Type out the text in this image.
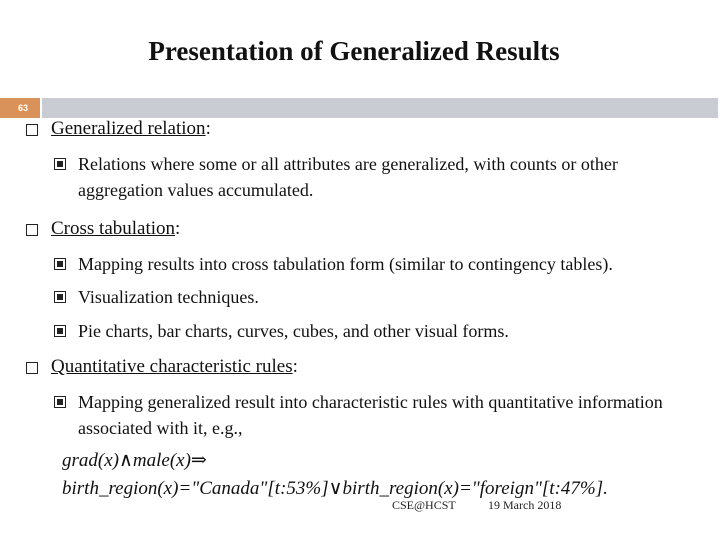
Presentation of Generalized Results
63
Generalized relation:
Relations where some or all attributes are generalized, with counts or other aggregation values accumulated.
Cross tabulation:
Mapping results into cross tabulation form (similar to contingency tables).
Visualization techniques.
Pie charts, bar charts, curves, cubes, and other visual forms.
Quantitative characteristic rules:
Mapping generalized result into characteristic rules with quantitative information associated with it, e.g.,
grad(x)∧male(x)⇒
birth_region(x)="Canada"[t:53%]∨birth_region(x)="foreign"[t:47%].
CSE@HCST	19 March 2018
